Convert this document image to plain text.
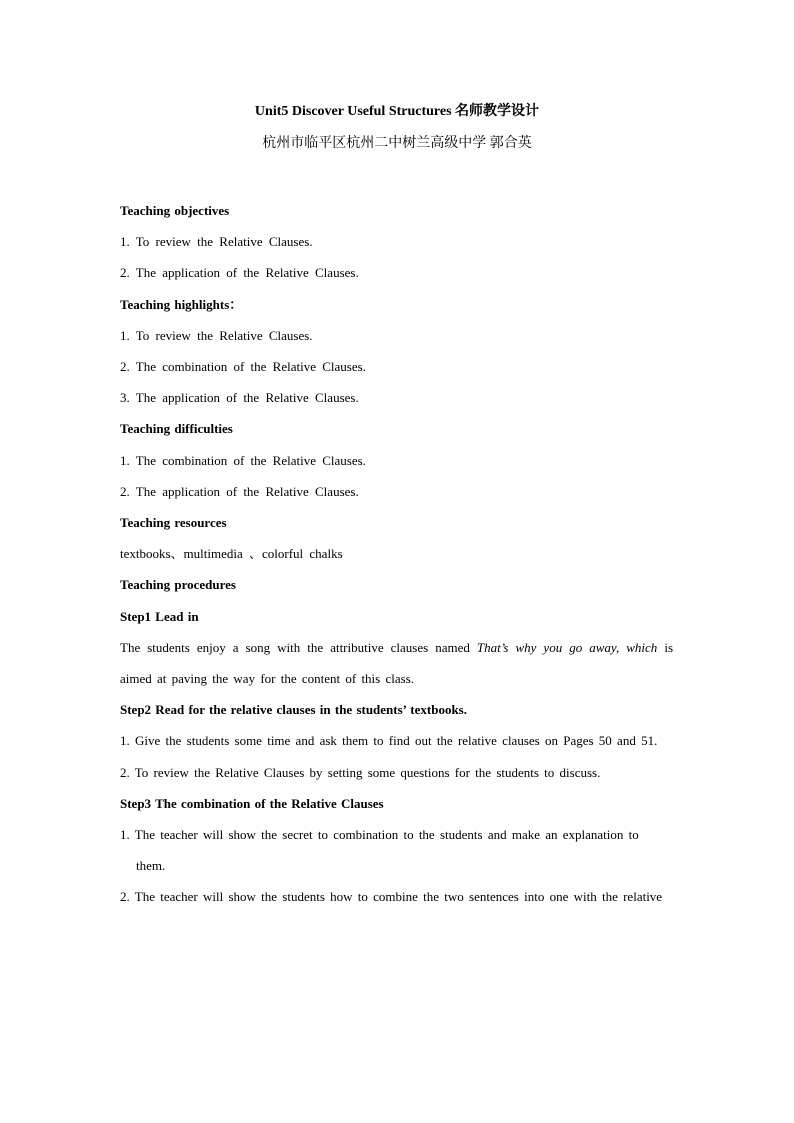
Unit5 Discover Useful Structures 名师教学设计
杭州市临平区杭州二中树兰高级中学 郭合英

Teaching objectives

1. To review the Relative Clauses.

2. The application of the Relative Clauses.

Teaching highlights：

1. To review the Relative Clauses.

2. The combination of the Relative Clauses.

3. The application of the Relative Clauses.

Teaching difficulties

1. The combination of the Relative Clauses.

2. The application of the Relative Clauses.

Teaching resources

textbooks、multimedia 、colorful chalks

Teaching procedures

Step1 Lead in

The students enjoy a song with the attributive clauses named That’s why you go away, which is aimed at paving the way for the content of this class.

Step2 Read for the relative clauses in the students’ textbooks.

1. Give the students some time and ask them to find out the relative clauses on Pages 50 and 51.

2. To review the Relative Clauses by setting some questions for the students to discuss.

Step3 The combination of the Relative Clauses

1. The teacher will show the secret to combination to the students and make an explanation to

them.

2. The teacher will show the students how to combine the two sentences into one with the relative
